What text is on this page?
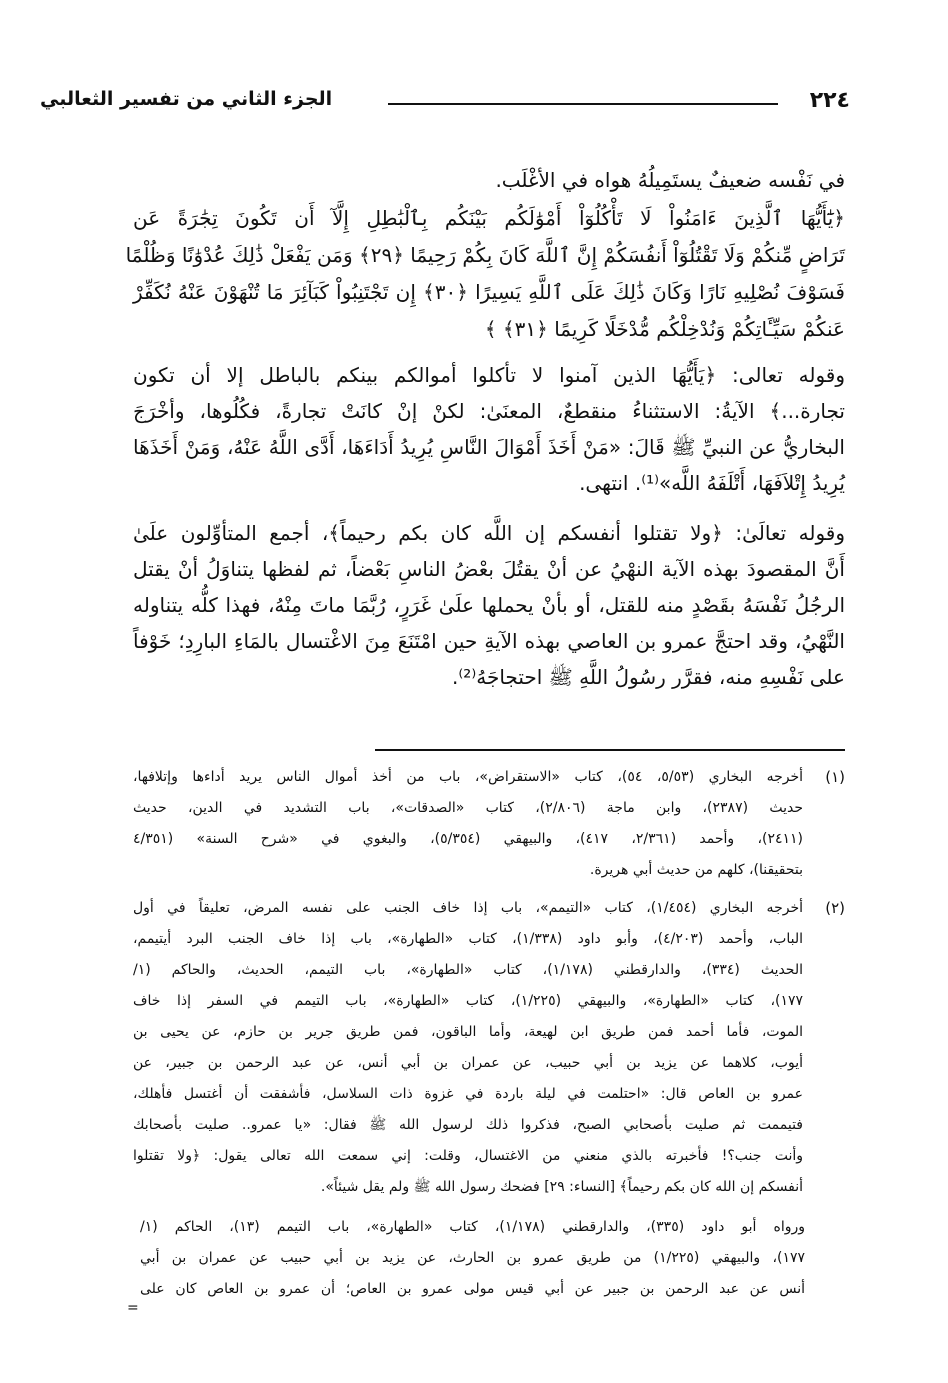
٢٢٤
الجزء الثاني من تفسير الثعالبي
في نَفْسه ضعيفٌ يستَمِيلُهُ هواه في الأغْلَب.
﴿يَٰٓأَيُّهَا ٱلَّذِينَ ءَامَنُواْ لَا تَأْكُلُوٓاْ أَمْوَٰلَكُم بَيْنَكُم بِٱلْبَٰطِلِ إِلَّآ أَن تَكُونَ تِجَٰرَةً عَن
تَرَاضٍ مِّنكُمْ وَلَا تَقْتُلُوٓاْ أَنفُسَكُمْ إِنَّ ٱللَّهَ كَانَ بِكُمْ رَحِيمًا ﴿٢٩﴾ وَمَن يَفْعَلْ ذَٰلِكَ عُدْوَٰنًا وَظُلْمًا
فَسَوْفَ نُصْلِيهِ نَارًا وَكَانَ ذَٰلِكَ عَلَى ٱللَّهِ يَسِيرًا ﴿٣٠﴾ إِن تَجْتَنِبُواْ كَبَآئِرَ مَا تُنْهَوْنَ عَنْهُ نُكَفِّرْ
عَنكُمْ سَيِّـَٔاتِكُمْ وَنُدْخِلْكُم مُّدْخَلًا كَرِيمًا ﴿٣١﴾ ﴾
وقوله تعالى: ﴿يَأَيُّهَا الذين آمنوا لا تأكلوا أموالكم بينكم بالباطل إلا أن تكون
تجارة...﴾ الآيةُ: الاستثناءُ منقطعٌ، المعنَىٰ: لكنْ إنْ كانَتْ تجارةً، فكُلُوها، وأخْرَجَ
البخاريُّ عن النبيِّ ﷺ قَالَ: «مَنْ أَخَذَ أَمْوَالَ النَّاسِ يُرِيدُ أَدَاءَهَا، أَدَّى اللَّهُ عَنْهُ، وَمَنْ أَخَذَهَا
يُرِيدُ إِتْلاَفَهَا، أَتْلَفَهُ اللَّه»⁽¹⁾. انتهى.
وقوله تعالَىٰ: ﴿ولا تقتلوا أنفسكم إن اللَّه كان بكم رحيماً﴾، أجمع المتأوِّلون علَىٰ
أَنَّ المقصودَ بهذه الآية النهْيُ عن أنْ يقتُلَ بعْضُ الناسِ بَعْضاً، ثم لفظها يتناوَلُ أنْ يقتل
الرجُلُ نَفْسَهُ بقَصْدٍ منه للقتل، أو بأنْ يحملها علَىٰ غَرَرٍ، رُبَّمَا ماتَ مِنْهُ، فهذا كلُّه يتناوله
النَّهْيُ، وقد احتجَّ عمرو بن العاصي بهذه الآيةِ حين امْتَنَعَ مِنَ الاغْتسال بالمَاءِ البارِدِ؛ خَوْفاً
على نَفْسِهِ منه، فقرَّر رسُولُ اللَّهِ ﷺ احتجاجَهُ⁽²⁾.
(١)
أخرجه البخاري (٥/٥٣، ٥٤)، كتاب «الاستقراض»، باب من أخذ أموال الناس يريد أداءها وإتلافها،
حديث (٢٣٨٧)، وابن ماجة (٢/٨٠٦)، كتاب «الصدقات»، باب التشديد في الدين، حديث
(٢٤١١)، وأحمد (٢/٣٦١، ٤١٧)، والبيهقي (٥/٣٥٤)، والبغوي في «شرح السنة» (٤/٣٥١
بتحقيقنا)، كلهم من حديث أبي هريرة.
(٢)
أخرجه البخاري (١/٤٥٤)، كتاب «التيمم»، باب إذا خاف الجنب على نفسه المرض، تعليقاً في أول
الباب، وأحمد (٤/٢٠٣)، وأبو داود (١/٣٣٨)، كتاب «الطهارة»، باب إذا خاف الجنب البرد أيتيمم،
الحديث (٣٣٤)، والدارقطني (١/١٧٨)، كتاب «الطهارة»، باب التيمم، الحديث، والحاكم (١/
١٧٧)، كتاب «الطهارة»، والبيهقي (١/٢٢٥)، كتاب «الطهارة»، باب التيمم في السفر إذا خاف
الموت، فأما أحمد فمن طريق ابن لهيعة، وأما الباقون، فمن طريق جرير بن حازم، عن يحيى بن
أيوب، كلاهما عن يزيد بن أبي حبيب، عن عمران بن أبي أنس، عن عبد الرحمن بن جبير، عن
عمرو بن العاص قال: «احتلمت في ليلة باردة في غزوة ذات السلاسل، فأشفقت أن أغتسل فأهلك،
فتيممت ثم صليت بأصحابي الصبح، فذكروا ذلك لرسول الله ﷺ فقال: «يا عمرو.. صليت بأصحابك
وأنت جنب؟! فأخبرته بالذي منعني من الاغتسال، وقلت: إني سمعت الله تعالى يقول: ﴿ولا تقتلوا
أنفسكم إن الله كان بكم رحيماً﴾ [النساء: ٢٩] فضحك رسول الله ﷺ ولم يقل شيئاً».
ورواه أبو داود (٣٣٥)، والدارقطني (١/١٧٨)، كتاب «الطهارة»، باب التيمم (١٣)، الحاكم (١/
١٧٧)، والبيهقي (١/٢٢٥) من طريق عمرو بن الحارث، عن يزيد بن أبي حبيب عن عمران بن أبي
أنس عن عبد الرحمن بن جبير عن أبي قيس مولى عمرو بن العاص؛ أن عمرو بن العاص كان على
=
